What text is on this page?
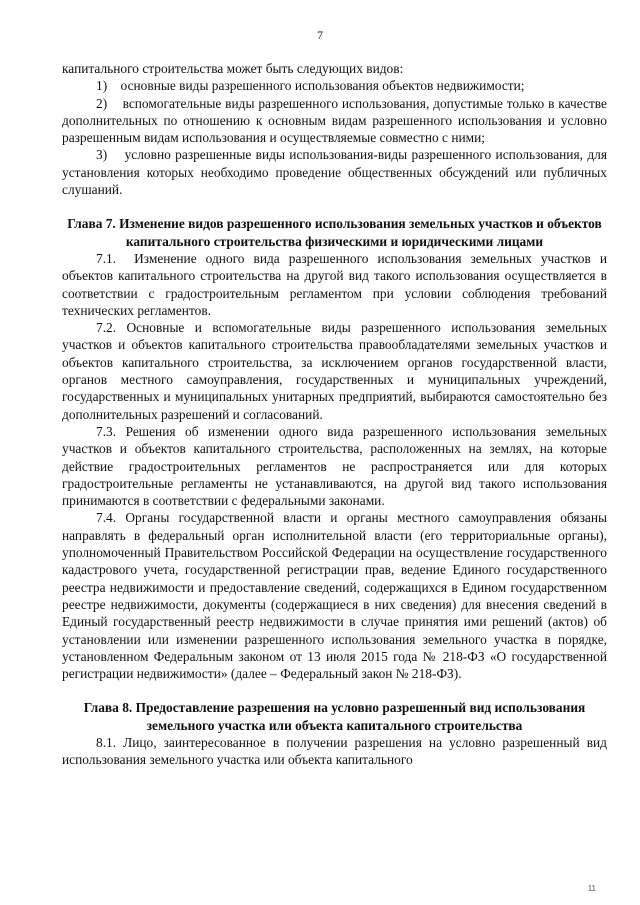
7

капитального строительства может быть следующих видов:

1)    основные виды разрешенного использования объектов недвижимости;

2)    вспомогательные виды разрешенного использования, допустимые только в качестве дополнительных по отношению к основным видам разрешенного использования и условно разрешенным видам использования и осуществляемые совместно с ними;

3)    условно разрешенные виды использования-виды разрешенного использования, для установления которых необходимо проведение общественных обсуждений или публичных слушаний.

Глава 7. Изменение видов разрешенного использования земельных участков и объектов капитального строительства физическими и юридическими лицами

7.1.  Изменение одного вида разрешенного использования земельных участков и объектов капитального строительства на другой вид такого использования осуществляется в соответствии с градостроительным регламентом при условии соблюдения требований технических регламентов.

7.2. Основные и вспомогательные виды разрешенного использования земельных участков и объектов капитального строительства правообладателями земельных участков и объектов капитального строительства, за исключением органов государственной власти, органов местного самоуправления, государственных и муниципальных учреждений, государственных и муниципальных унитарных предприятий, выбираются самостоятельно без дополнительных разрешений и согласований.

7.3. Решения об изменении одного вида разрешенного использования земельных участков и объектов капитального строительства, расположенных на землях, на которые действие градостроительных регламентов не распространяется или для которых градостроительные регламенты не устанавливаются, на другой вид такого использования принимаются в соответствии с федеральными законами.

7.4. Органы государственной власти и органы местного самоуправления обязаны направлять в федеральный орган исполнительной власти (его территориальные органы), уполномоченный Правительством Российской Федерации на осуществление государственного кадастрового учета, государственной регистрации прав, ведение Единого государственного реестра недвижимости и предоставление сведений, содержащихся в Едином государственном реестре недвижимости, документы (содержащиеся в них сведения) для внесения сведений в Единый государственный реестр недвижимости в случае принятия ими решений (актов) об установлении или изменении разрешенного использования земельного участка в порядке, установленном Федеральным законом от 13 июля 2015 года № 218-ФЗ «О государственной регистрации недвижимости» (далее – Федеральный закон № 218-ФЗ).

Глава 8. Предоставление разрешения на условно разрешенный вид использования земельного участка или объекта капитального строительства

8.1. Лицо, заинтересованное в получении разрешения на условно разрешенный вид использования земельного участка или объекта капитального

11
